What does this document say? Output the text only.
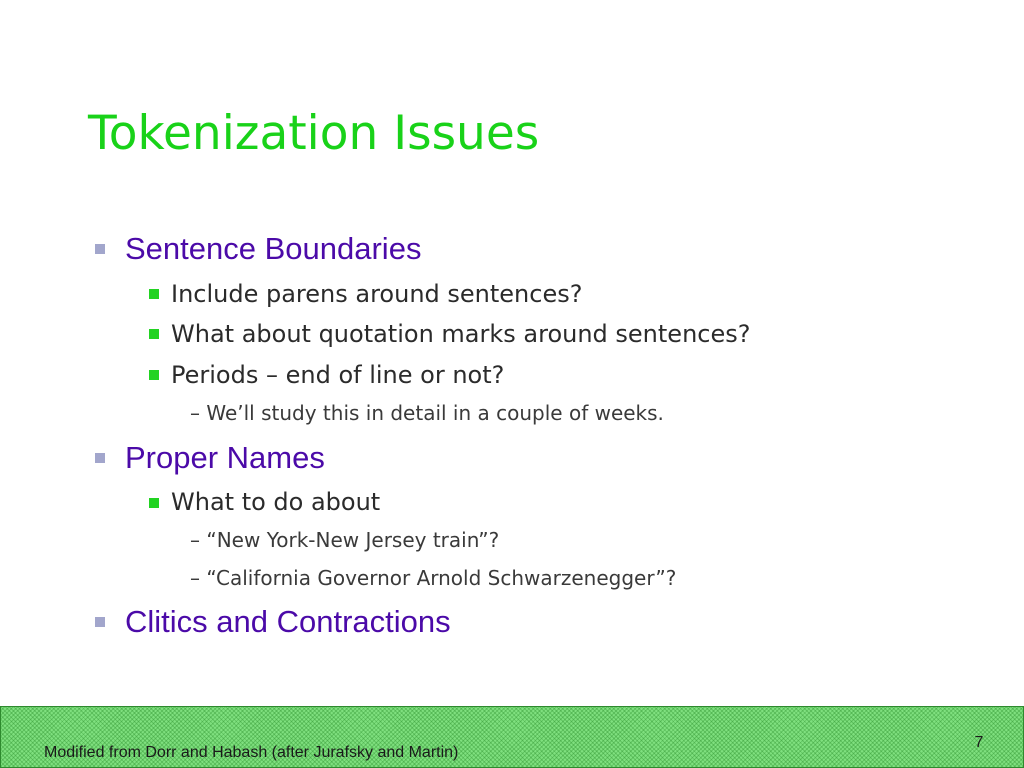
Tokenization Issues
Sentence Boundaries
Include parens around sentences?
What about quotation marks around sentences?
Periods – end of line or not?
– We’ll study this in detail in a couple of weeks.
Proper Names
What to do about
– “New York-New Jersey train”?
– “California Governor Arnold Schwarzenegger”?
Clitics and Contractions
Modified from Dorr and Habash (after Jurafsky and Martin)
7
